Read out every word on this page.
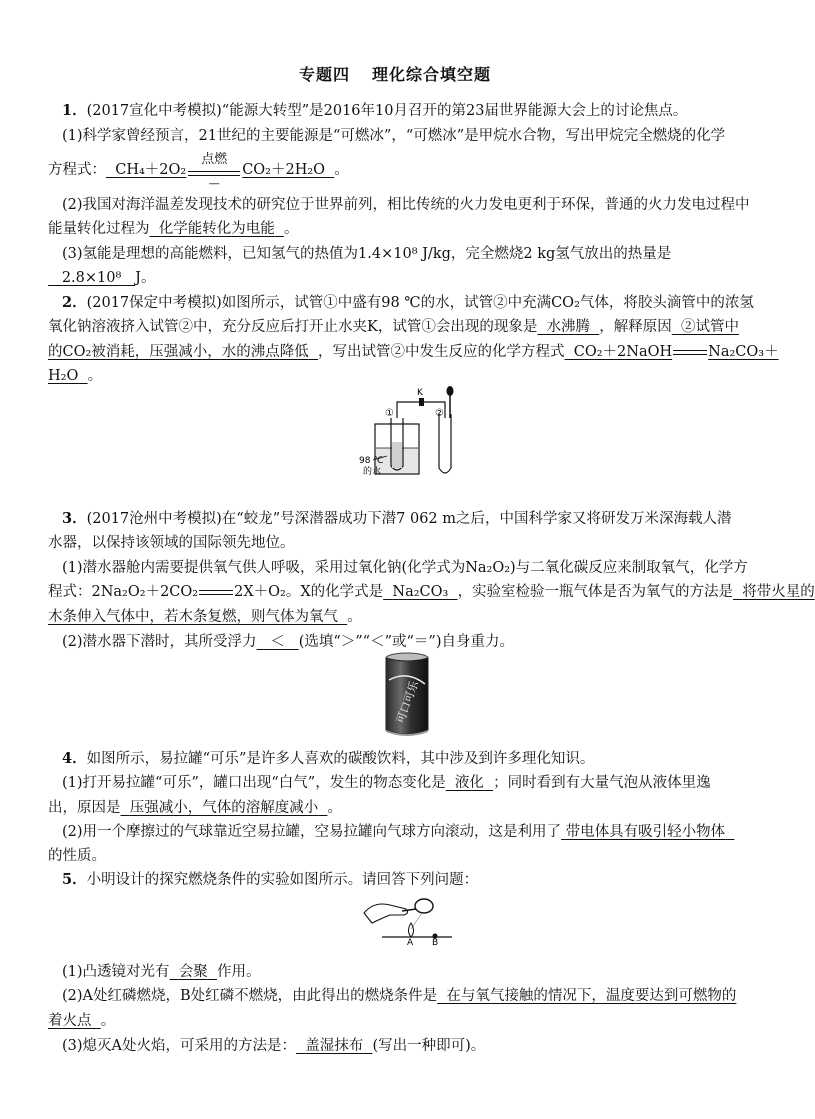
专题四 理化综合填空题
1．(2017宣化中考模拟)“能源大转型”是2016年10月召开的第23届世界能源大会上的讨论焦点。
(1)科学家曾经预言，21世纪的主要能源是“可燃冰”，“可燃冰”是甲烷水合物，写出甲烷完全燃烧的化学
方程式： CH₄＋2O₂
点燃
—
CO₂＋2H₂O 。
(2)我国对海洋温差发现技术的研究位于世界前列，相比传统的火力发电更利于环保，普通的火力发电过程中
能量转化过程为 化学能转化为电能 。
(3)氢能是理想的高能燃料，已知氢气的热值为1.4×10⁸ J/kg，完全燃烧2 kg氢气放出的热量是
2.8×10⁸ J。
2．(2017保定中考模拟)如图所示，试管①中盛有98 ℃的水，试管②中充满CO₂气体，将胶头滴管中的浓氢
氧化钠溶液挤入试管②中，充分反应后打开止水夹K，试管①会出现的现象是 水沸腾 ，解释原因 ②试管中
的CO₂被消耗，压强减小，水的沸点降低 ，写出试管②中发生反应的化学方程式 CO₂＋2NaOH Na₂CO₃＋
H₂O 。
K
①	②
98 ℃
的水
3．(2017沧州中考模拟)在“蛟龙”号深潜器成功下潜7 062 m之后，中国科学家又将研发万米深海载人潜
水器，以保持该领域的国际领先地位。
(1)潜水器舱内需要提供氧气供人呼吸，采用过氧化钠(化学式为Na₂O₂)与二氧化碳反应来制取氧气，化学方
程式：2Na₂O₂＋2CO₂ 2X＋O₂。X的化学式是 Na₂CO₃ ，实验室检验一瓶气体是否为氧气的方法是 将带火星的
木条伸入气体中，若木条复燃，则气体为氧气 。
(2)潜水器下潜时，其所受浮力 ＜ (选填“＞”“＜”或“＝”)自身重力。
可口可乐
4．如图所示，易拉罐“可乐”是许多人喜欢的碳酸饮料，其中涉及到许多理化知识。
(1)打开易拉罐“可乐”，罐口出现“白气”，发生的物态变化是 液化 ；同时看到有大量气泡从液体里逸
出，原因是 压强减小，气体的溶解度减小 。
(2)用一个摩擦过的气球靠近空易拉罐，空易拉罐向气球方向滚动，这是利用了 带电体具有吸引轻小物体
的性质。
5．小明设计的探究燃烧条件的实验如图所示。请回答下列问题：
A B
(1)凸透镜对光有 会聚 作用。
(2)A处红磷燃烧，B处红磷不燃烧，由此得出的燃烧条件是 在与氧气接触的情况下，温度要达到可燃物的
着火点 。
(3)熄灭A处火焰，可采用的方法是： 盖湿抹布 (写出一种即可)。
